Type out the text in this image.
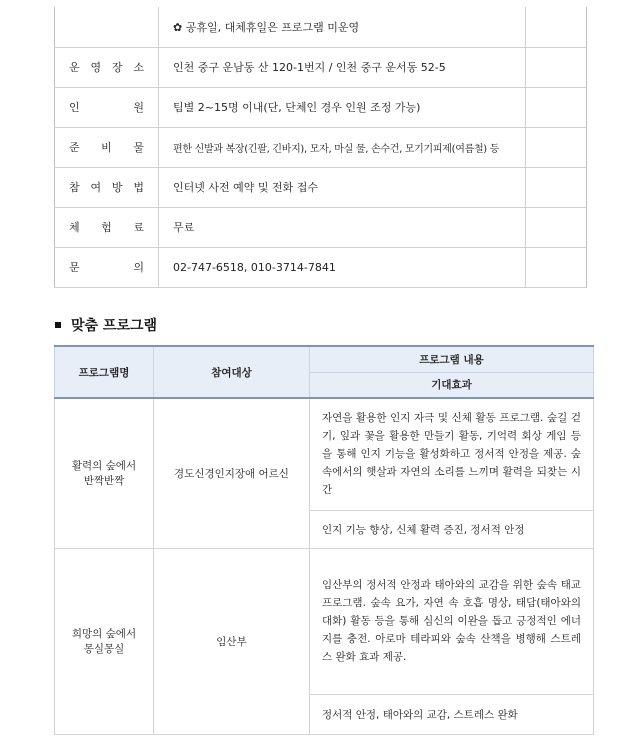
	✿ 공휴일, 대체휴일은 프로그램 미운영	

운 영 장 소	인천 중구 운남동 산 120-1번지 / 인천 중구 운서동 52-5	

인 원	팀별 2~15명 이내(단, 단체인 경우 인원 조정 가능)	

준 비 물	편한 신발과 복장(긴팔, 긴바지), 모자, 마실 물, 손수건, 모기기피제(여름철) 등	

참 여 방 법	인터넷 사전 예약 및 전화 접수	

체 험 료	무료	

문 의	02-747-6518, 010-3714-7841	
맞춤 프로그램
프로그램명	참여대상	프로그램 내용
		기대효과

활력의 숲에서
반짝반짝	경도신경인지장애 어르신	자연을 활용한 인지 자극 및 신체 활동 프로그램. 숲길 걷기, 잎과 꽃을 활용한 만들기 활동, 기억력 회상 게임 등을 통해 인지 기능을 활성화하고 정서적 안정을 제공. 숲속에서의 햇살과 자연의 소리를 느끼며 활력을 되찾는 시간
		인지 기능 향상, 신체 활력 증진, 정서적 안정

희망의 숲에서
몽실몽실	임산부	임산부의 정서적 안정과 태아와의 교감을 위한 숲속 태교 프로그램. 숲속 요가, 자연 속 호흡 명상, 태담(태아와의 대화) 활동 등을 통해 심신의 이완을 돕고 긍정적인 에너지를 충전. 아로마 테라피와 숲속 산책을 병행해 스트레스 완화 효과 제공.
		정서적 안정, 태아와의 교감, 스트레스 완화
